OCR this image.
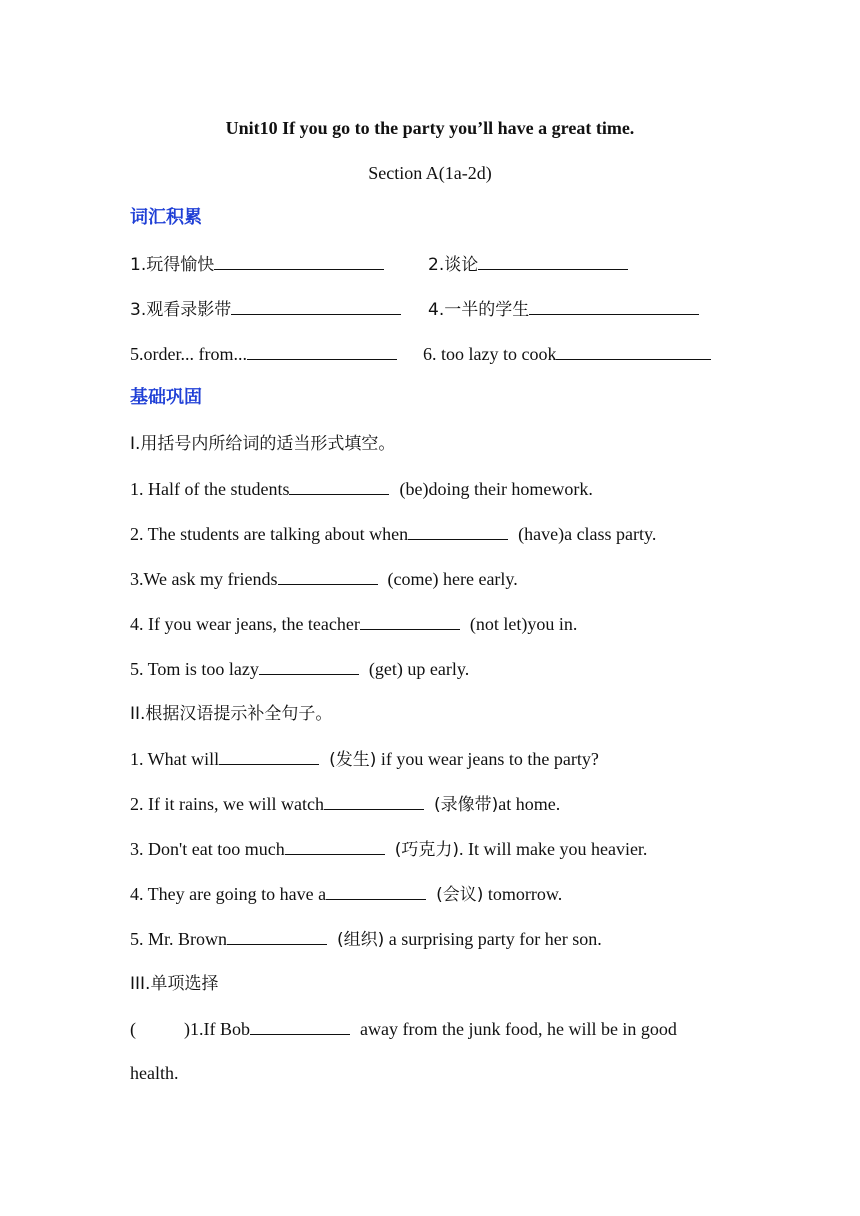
Unit10 If you go to the party you’ll have a great time.
Section A(1a-2d)
词汇积累
1.玩得愉快	2.谈论
3.观看录影带	4.一半的学生
5.order... from...	6. too lazy to cook
基础巩固
I.用括号内所给词的适当形式填空。
1. Half of the students	(be)doing their homework.
2. The students are talking about when	(have)a class party.
3.We ask my friends	(come) here early.
4. If you wear jeans, the teacher	(not let)you in.
5. Tom is too lazy	(get) up early.
II.根据汉语提示补全句子。
1. What will	(发生) if you wear jeans to the party?
2. If it rains, we will watch	(录像带)at home.
3. Don't eat too much	(巧克力). It will make you heavier.
4. They are going to have a	(会议) tomorrow.
5. Mr. Brown	(组织) a surprising party for her son.
III.单项选择
(	)1.If Bob	away from the junk food, he will be in good
health.
